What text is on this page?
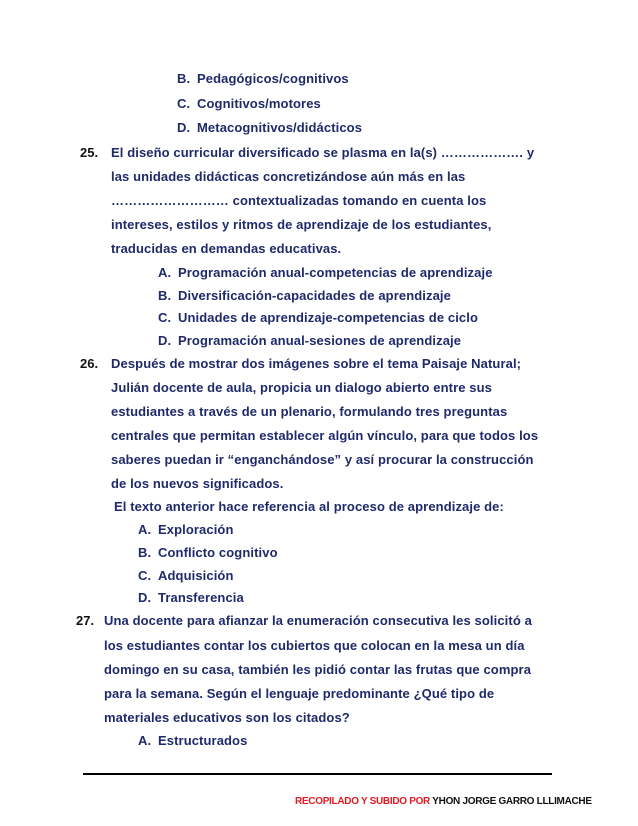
B. Pedagógicos/cognitivos
C. Cognitivos/motores
D. Metacognitivos/didácticos
25. El diseño curricular diversificado se plasma en la(s) ………………. y
las unidades didácticas concretizándose aún más en las
……………………… contextualizadas tomando en cuenta los
intereses, estilos y ritmos de aprendizaje de los estudiantes,
traducidas en demandas educativas.
A. Programación anual-competencias de aprendizaje
B. Diversificación-capacidades de aprendizaje
C. Unidades de aprendizaje-competencias de ciclo
D. Programación anual-sesiones de aprendizaje
26. Después de mostrar dos imágenes sobre el tema Paisaje Natural;
Julián docente de aula, propicia un dialogo abierto entre sus
estudiantes a través de un plenario, formulando tres preguntas
centrales que permitan establecer algún vínculo, para que todos los
saberes puedan ir “enganchándose” y así procurar la construcción
de los nuevos significados.
El texto anterior hace referencia al proceso de aprendizaje de:
A. Exploración
B. Conflicto cognitivo
C. Adquisición
D. Transferencia
27. Una docente para afianzar la enumeración consecutiva les solicitó a
los estudiantes contar los cubiertos que colocan en la mesa un día
domingo en su casa, también les pidió contar las frutas que compra
para la semana. Según el lenguaje predominante ¿Qué tipo de
materiales educativos son los citados?
A. Estructurados
RECOPILADO Y SUBIDO POR YHON JORGE GARRO LLLIMACHE
